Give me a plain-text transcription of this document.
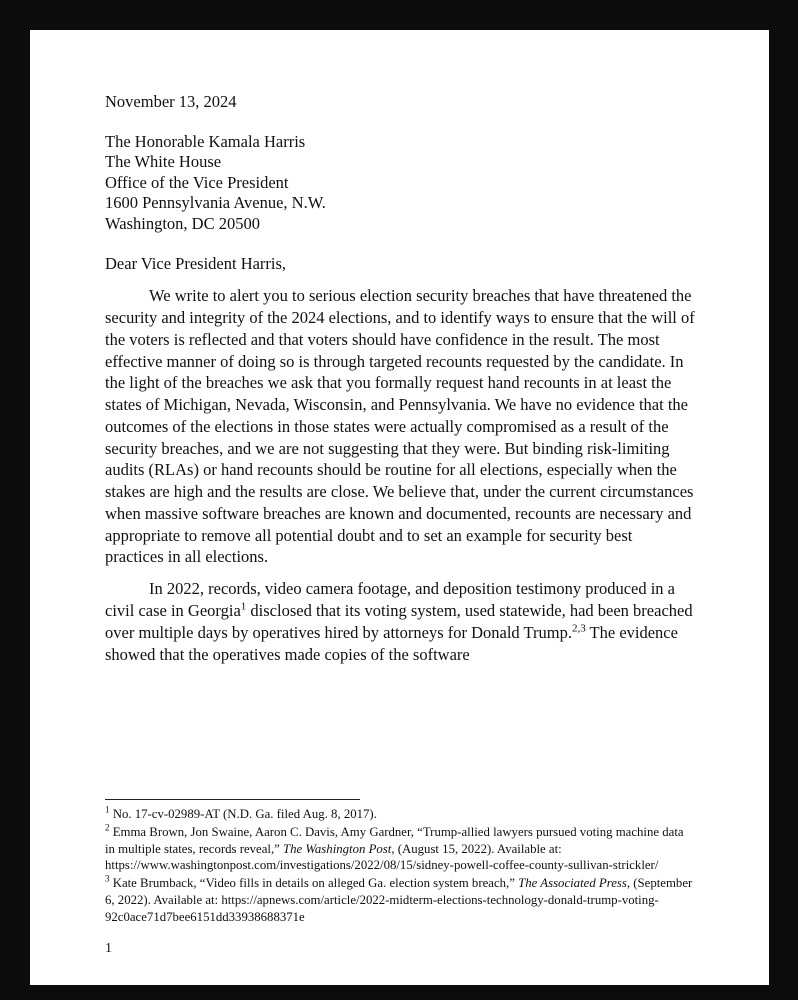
November 13, 2024
The Honorable Kamala Harris
The White House
Office of the Vice President
1600 Pennsylvania Avenue, N.W.
Washington, DC 20500
Dear Vice President Harris,

We write to alert you to serious election security breaches that have threatened the security and integrity of the 2024 elections, and to identify ways to ensure that the will of the voters is reflected and that voters should have confidence in the result. The most effective manner of doing so is through targeted recounts requested by the candidate. In the light of the breaches we ask that you formally request hand recounts in at least the states of Michigan, Nevada, Wisconsin, and Pennsylvania. We have no evidence that the outcomes of the elections in those states were actually compromised as a result of the security breaches, and we are not suggesting that they were. But binding risk-limiting audits (RLAs) or hand recounts should be routine for all elections, especially when the stakes are high and the results are close. We believe that, under the current circumstances when massive software breaches are known and documented, recounts are necessary and appropriate to remove all potential doubt and to set an example for security best practices in all elections.

In 2022, records, video camera footage, and deposition testimony produced in a civil case in Georgia$^1$ disclosed that its voting system, used statewide, had been breached over multiple days by operatives hired by attorneys for Donald Trump.$^{2,3}$ The evidence showed that the operatives made copies of the software

$^1$ No. 17-cv-02989-AT (N.D. Ga. filed Aug. 8, 2017).

$^2$ Emma Brown, Jon Swaine, Aaron C. Davis, Amy Gardner, “Trump-allied lawyers pursued voting machine data in multiple states, records reveal,” The Washington Post, (August 15, 2022). Available at: https://www.washingtonpost.com/investigations/2022/08/15/sidney-powell-coffee-county-sullivan-strickler/

$^3$ Kate Brumback, “Video fills in details on alleged Ga. election system breach,” The Associated Press, (September 6, 2022). Available at: https://apnews.com/article/2022-midterm-elections-technology-donald-trump-voting-92c0ace71d7bee6151dd33938688371e

1
